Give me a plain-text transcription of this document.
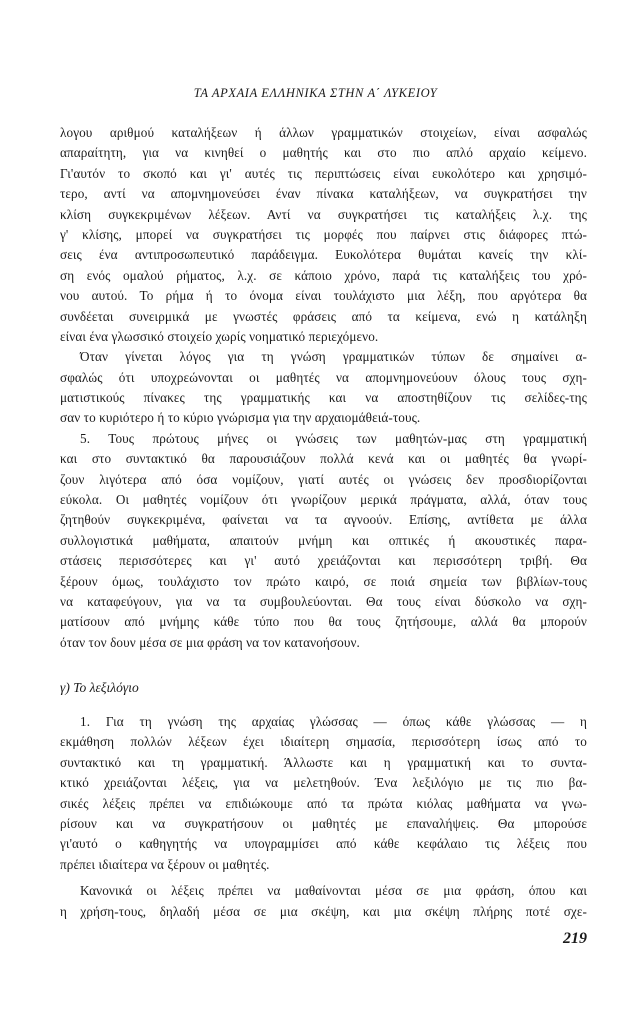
ΤΑ ΑΡΧΑΙΑ ΕΛΛΗΝΙΚΑ ΣΤΗΝ Α΄ ΛΥΚΕΙΟΥ
λογου αριθμού καταλήξεων ή άλλων γραμματικών στοιχείων, είναι ασφαλώς
απαραίτητη, για να κινηθεί ο μαθητής και στο πιο απλό αρχαίο κείμενο.
Γι'αυτόν το σκοπό και γι' αυτές τις περιπτώσεις είναι ευκολότερο και χρησιμό-
τερο, αντί να απομνημονεύσει έναν πίνακα καταλήξεων, να συγκρατήσει την
κλίση συγκεκριμένων λέξεων. Αντί να συγκρατήσει τις καταλήξεις λ.χ. της
γ' κλίσης, μπορεί να συγκρατήσει τις μορφές που παίρνει στις διάφορες πτώ-
σεις ένα αντιπροσωπευτικό παράδειγμα. Ευκολότερα θυμάται κανείς την κλί-
ση ενός ομαλού ρήματος, λ.χ. σε κάποιο χρόνο, παρά τις καταλήξεις του χρό-
νου αυτού. Το ρήμα ή το όνομα είναι τουλάχιστο μια λέξη, που αργότερα θα
συνδέεται συνειρμικά με γνωστές φράσεις από τα κείμενα, ενώ η κατάληξη
είναι ένα γλωσσικό στοιχείο χωρίς νοηματικό περιεχόμενο.
Όταν γίνεται λόγος για τη γνώση γραμματικών τύπων δε σημαίνει α-
σφαλώς ότι υποχρεώνονται οι μαθητές να απομνημονεύουν όλους τους σχη-
ματιστικούς πίνακες της γραμματικής και να αποστηθίζουν τις σελίδες-της
σαν το κυριότερο ή το κύριο γνώρισμα για την αρχαιομάθειά-τους.
5. Τους πρώτους μήνες οι γνώσεις των μαθητών-μας στη γραμματική
και στο συντακτικό θα παρουσιάζουν πολλά κενά και οι μαθητές θα γνωρί-
ζουν λιγότερα από όσα νομίζουν, γιατί αυτές οι γνώσεις δεν προσδιορίζονται
εύκολα. Οι μαθητές νομίζουν ότι γνωρίζουν μερικά πράγματα, αλλά, όταν τους
ζητηθούν συγκεκριμένα, φαίνεται να τα αγνοούν. Επίσης, αντίθετα με άλλα
συλλογιστικά μαθήματα, απαιτούν μνήμη και οπτικές ή ακουστικές παρα-
στάσεις περισσότερες και γι' αυτό χρειάζονται και περισσότερη τριβή. Θα
ξέρουν όμως, τουλάχιστο τον πρώτο καιρό, σε ποιά σημεία των βιβλίων-τους
να καταφεύγουν, για να τα συμβουλεύονται. Θα τους είναι δύσκολο να σχη-
ματίσουν από μνήμης κάθε τύπο που θα τους ζητήσουμε, αλλά θα μπορούν
όταν τον δουν μέσα σε μια φράση να τον κατανοήσουν.
γ) Το λεξιλόγιο
1. Για τη γνώση της αρχαίας γλώσσας — όπως κάθε γλώσσας — η
εκμάθηση πολλών λέξεων έχει ιδιαίτερη σημασία, περισσότερη ίσως από το
συντακτικό και τη γραμματική. Άλλωστε και η γραμματική και το συντα-
κτικό χρειάζονται λέξεις, για να μελετηθούν. Ένα λεξιλόγιο με τις πιο βα-
σικές λέξεις πρέπει να επιδιώκουμε από τα πρώτα κιόλας μαθήματα να γνω-
ρίσουν και να συγκρατήσουν οι μαθητές με επαναλήψεις. Θα μπορούσε
γι'αυτό ο καθηγητής να υπογραμμίσει από κάθε κεφάλαιο τις λέξεις που
πρέπει ιδιαίτερα να ξέρουν οι μαθητές.
Κανονικά οι λέξεις πρέπει να μαθαίνονται μέσα σε μια φράση, όπου και
η χρήση-τους, δηλαδή μέσα σε μια σκέψη, και μια σκέψη πλήρης ποτέ σχε-
219
